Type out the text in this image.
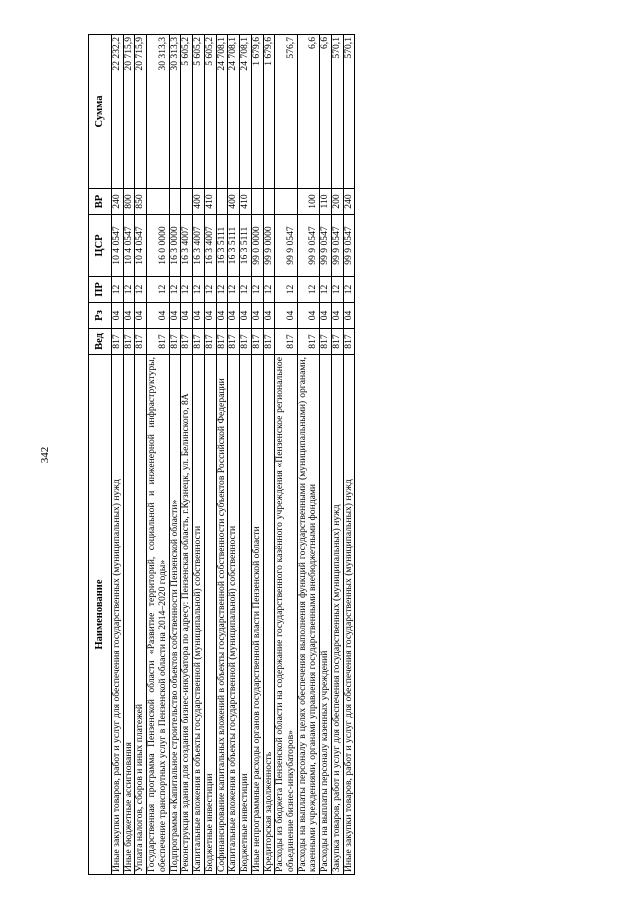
342
Наименование	Вед	Рз	ПР	ЦСР	ВР	Сумма
Иные закупки товаров, работ и услуг для обеспечения государственных (муниципальных) нужд	817	04	12	10 4 0547	240	22 232,2
Иные бюджетные ассигнования	817	04	12	10 4 0547	800	20 715,9
Уплата налогов, сборов и иных платежей	817	04	12	10 4 0547	850	20 715,9
Государственная программа Пензенской области «Развитие территорий, социальной и инженерной инфраструктуры, обеспечение транспортных услуг в Пензенской области на 2014–2020 годы»	817	04	12	16 0 0000		30 313,3
Подпрограмма «Капитальное строительство объектов собственности Пензенской области»	817	04	12	16 3 0000		30 313,3
Реконструкция здания для создания бизнес-инкубатора по адресу: Пензенская область, г.Кузнецк, ул. Белинского, 8А	817	04	12	16 3 4007		5 605,2
Капитальные вложения в объекты государственной (муниципальной) собственности	817	04	12	16 3 4007	400	5 605,2
Бюджетные инвестиции	817	04	12	16 3 4007	410	5 605,2
Софинансирование капитальных вложений в объекты государственной собственности субъектов Российской Федерации	817	04	12	16 3 5111		24 708,1
Капитальные вложения в объекты государственной (муниципальной) собственности	817	04	12	16 3 5111	400	24 708,1
Бюджетные инвестиции	817	04	12	16 3 5111	410	24 708,1
Иные непрограммные расходы органов государственной власти Пензенской области	817	04	12	99 0 0000		1 679,6
Кредиторская задолженность	817	04	12	99 9 0000		1 679,6
Расходы из бюджета Пензенской области на содержание государственного казённого учреждения «Пензенское региональное объединение бизнес-инкубаторов»	817	04	12	99 9 0547		576,7
Расходы на выплаты персоналу в целях обеспечения выполнения функций государственными (муниципальными) органами, казенными учреждениями, органами управления государственными внебюджетными фондами	817	04	12	99 9 0547	100	6,6
Расходы на выплаты персоналу казенных учреждений	817	04	12	99 9 0547	110	6,6
Закупка товаров, работ и услуг для обеспечения государственных (муниципальных) нужд	817	04	12	99 9 0547	200	570,1
Иные закупки товаров, работ и услуг для обеспечения государственных (муниципальных) нужд	817	04	12	99 9 0547	240	570,1
